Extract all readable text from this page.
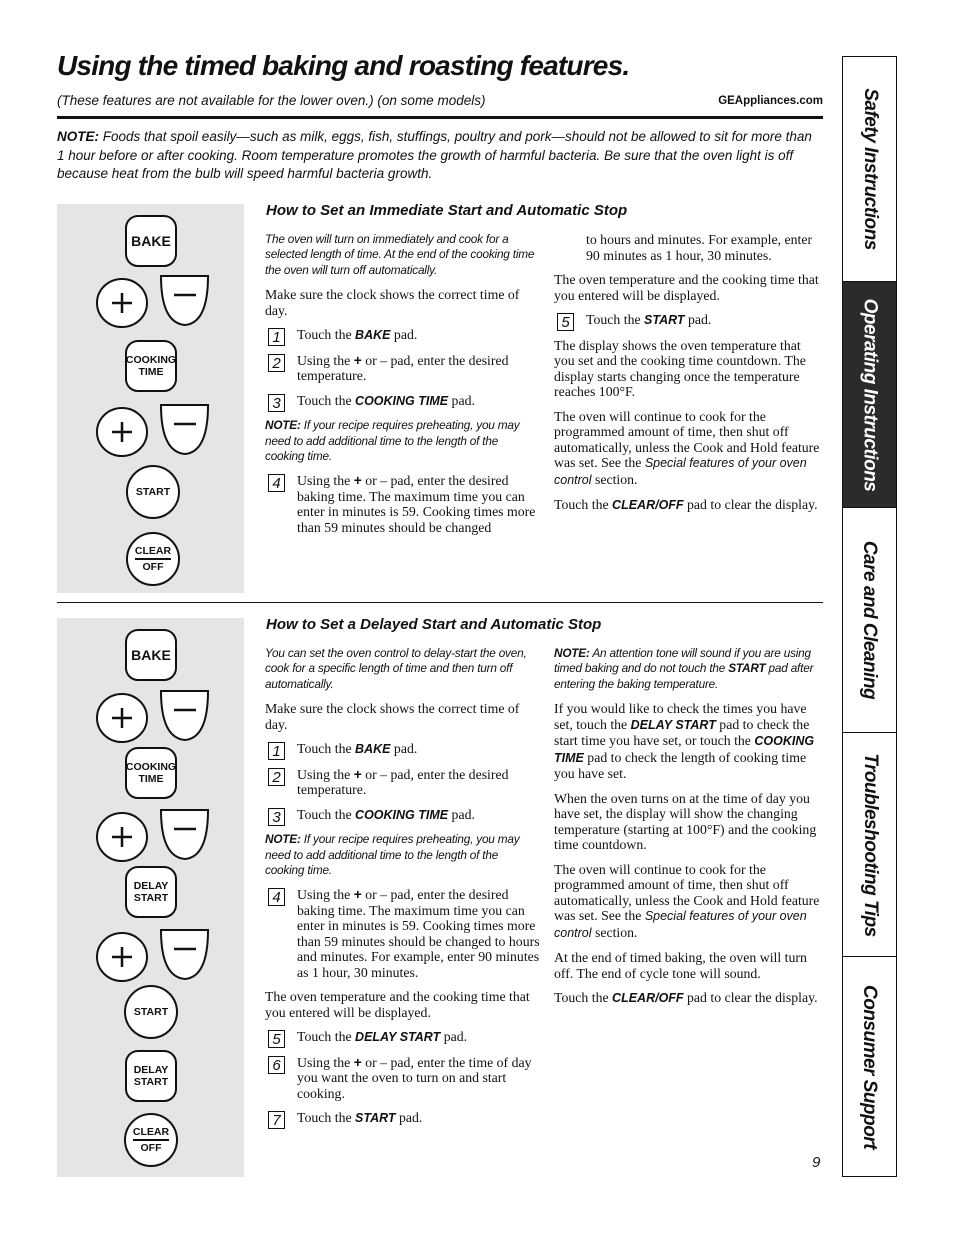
Using the timed baking and roasting features.
(These features are not available for the lower oven.) (on some models)	GEAppliances.com
NOTE: Foods that spoil easily—such as milk, eggs, fish, stuffings, poultry and pork—should not be allowed to sit for more than 1 hour before or after cooking. Room temperature promotes the growth of harmful bacteria. Be sure that the oven light is off because heat from the bulb will speed harmful bacteria growth.
BAKE
COOKING
TIME
START
CLEAR
OFF
How to Set an Immediate Start and Automatic Stop

The oven will turn on immediately and cook for a selected length of time. At the end of the cooking time the oven will turn off automatically.

Make sure the clock shows the correct time of day.

1	Touch the BAKE pad.
2	Using the + or – pad, enter the desired temperature.
3	Touch the COOKING TIME pad.

NOTE: If your recipe requires preheating, you may need to add additional time to the length of the cooking time.

4	Using the + or – pad, enter the desired baking time. The maximum time you can enter in minutes is 59. Cooking times more than 59 minutes should be changed

to hours and minutes. For example, enter 90 minutes as 1 hour, 30 minutes.

The oven temperature and the cooking time that you entered will be displayed.

5	Touch the START pad.

The display shows the oven temperature that you set and the cooking time countdown. The display starts changing once the temperature reaches 100°F.

The oven will continue to cook for the programmed amount of time, then shut off automatically, unless the Cook and Hold feature was set. See the Special features of your oven control section.

Touch the CLEAR/OFF pad to clear the display.

BAKE
COOKING
TIME
DELAY
START
START
DELAY
START
CLEAR
OFF
How to Set a Delayed Start and Automatic Stop

You can set the oven control to delay-start the oven, cook for a specific length of time and then turn off automatically.

Make sure the clock shows the correct time of day.

1	Touch the BAKE pad.
2	Using the + or – pad, enter the desired temperature.
3	Touch the COOKING TIME pad.

NOTE: If your recipe requires preheating, you may need to add additional time to the length of the cooking time.

4	Using the + or – pad, enter the desired baking time. The maximum time you can enter in minutes is 59. Cooking times more than 59 minutes should be changed to hours and minutes. For example, enter 90 minutes as 1 hour, 30 minutes.

The oven temperature and the cooking time that you entered will be displayed.

5	Touch the DELAY START pad.
6	Using the + or – pad, enter the time of day you want the oven to turn on and start cooking.
7	Touch the START pad.

NOTE: An attention tone will sound if you are using timed baking and do not touch the START pad after entering the baking temperature.

If you would like to check the times you have set, touch the DELAY START pad to check the start time you have set, or touch the COOKING TIME pad to check the length of cooking time you have set.

When the oven turns on at the time of day you have set, the display will show the changing temperature (starting at 100°F) and the cooking time countdown.

The oven will continue to cook for the programmed amount of time, then shut off automatically, unless the Cook and Hold feature was set. See the Special features of your oven control section.

At the end of timed baking, the oven will turn off. The end of cycle tone will sound.

Touch the CLEAR/OFF pad to clear the display.

9
Safety Instructions
Operating Instructions
Care and Cleaning
Troubleshooting Tips
Consumer Support
